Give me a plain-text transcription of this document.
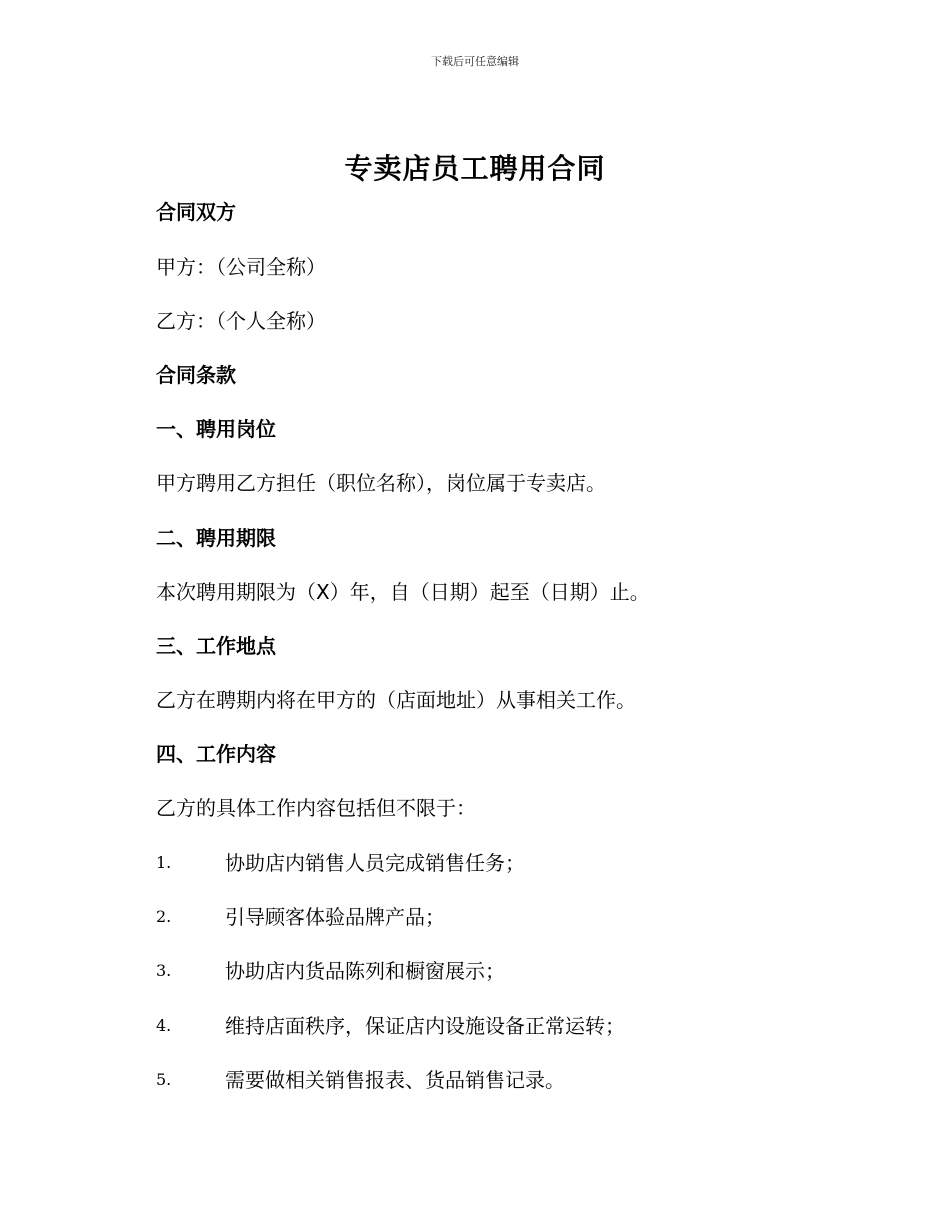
下载后可任意编辑
专卖店员工聘用合同
合同双方
甲方：（公司全称）
乙方：（个人全称）
合同条款
一、聘用岗位
甲方聘用乙方担任（职位名称），岗位属于专卖店。
二、聘用期限
本次聘用期限为（X）年，自（日期）起至（日期）止。
三、工作地点
乙方在聘期内将在甲方的（店面地址）从事相关工作。
四、工作内容
乙方的具体工作内容包括但不限于：
1.	协助店内销售人员完成销售任务；
2.	引导顾客体验品牌产品；
3.	协助店内货品陈列和橱窗展示；
4.	维持店面秩序，保证店内设施设备正常运转；
5.	需要做相关销售报表、货品销售记录。
